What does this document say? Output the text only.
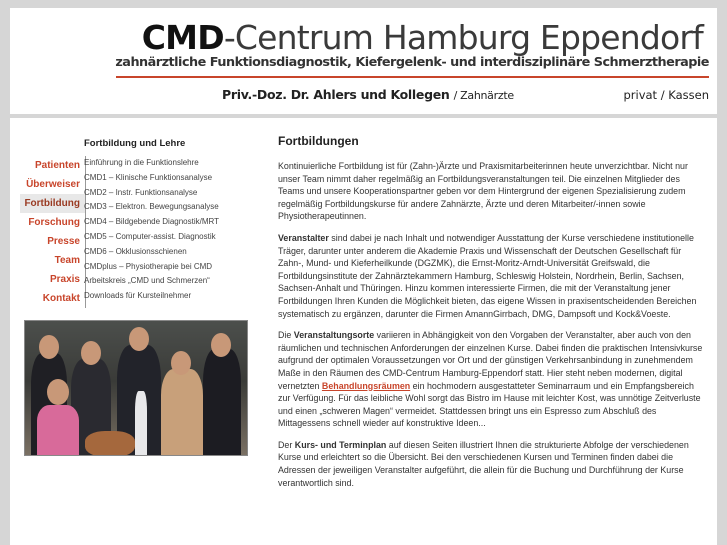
CMD-Centrum Hamburg Eppendorf
zahnärztliche Funktionsdiagnostik, Kiefergelenk- und interdisziplinäre Schmerztherapie
Priv.-Doz. Dr. Ahlers und Kollegen / Zahnärzte	privat / Kassen
Patienten
Überweiser
Fortbildung
Forschung
Presse
Team
Praxis
Kontakt
Fortbildung und Lehre
Einführung in die Funktionslehre
CMD1 – Klinische Funktionsanalyse
CMD2 – Instr. Funktionsanalyse
CMD3 – Elektron. Bewegungsanalyse
CMD4 – Bildgebende Diagnostik/MRT
CMD5 – Computer-assist. Diagnostik
CMD6 – Okklusionsschienen
CMDplus – Physiotherapie bei CMD
Arbeitskreis „CMD und Schmerzen“
Downloads für Kursteilnehmer
Fortbildungen

Kontinuierliche Fortbildung ist für (Zahn-)Ärzte und Praxismitarbeiterinnen heute unverzichtbar. Nicht nur unser Team nimmt daher regelmäßig an Fortbildungsveranstaltungen teil. Die einzelnen Mitglieder des Teams und unsere Kooperationspartner geben vor dem Hintergrund der eigenen Spezialisierung zudem regelmäßig Fortbildungskurse für andere Zahnärzte, Ärzte und deren Mitarbeiter/-innen sowie Physiotherapeutinnen.

Veranstalter sind dabei je nach Inhalt und notwendiger Ausstattung der Kurse verschiedene institutionelle Träger, darunter unter anderem die Akademie Praxis und Wissenschaft der Deutschen Gesellschaft für Zahn-, Mund- und Kieferheilkunde (DGZMK), die Ernst-Moritz-Arndt-Universität Greifswald, die Fortbildungsinstitute der Zahnärztekammern Hamburg, Schleswig Holstein, Nordrhein, Berlin, Sachsen, Sachsen-Anhalt und Thüringen. Hinzu kommen interessierte Firmen, die mit der Veranstaltung jener Fortbildungen Ihren Kunden die Möglichkeit bieten, das eigene Wissen in praxisentscheidenden Bereichen systematisch zu ergänzen, darunter die Firmen AmannGirrbach, DMG, Dampsoft und Kock&Voeste.

Die Veranstaltungsorte variieren in Abhängigkeit von den Vorgaben der Veranstalter, aber auch von den räumlichen und technischen Anforderungen der einzelnen Kurse. Dabei finden die praktischen Intensivkurse aufgrund der optimalen Voraussetzungen vor Ort und der günstigen Verkehrsanbindung in zunehmendem Maße in den Räumen des CMD-Centrum Hamburg-Eppendorf statt. Hier steht neben modernen, digital vernetzten Behandlungsräumen ein hochmodern ausgestatteter Seminarraum und ein Empfangsbereich zur Verfügung. Für das leibliche Wohl sorgt das Bistro im Hause mit leichter Kost, was unnötige Zeitverluste und einen „schweren Magen“ vermeidet. Stattdessen bringt uns ein Espresso zum Abschluß des Mittagessens schnell wieder auf konstruktive Ideen...

Der Kurs- und Terminplan auf diesen Seiten illustriert Ihnen die strukturierte Abfolge der verschiedenen Kurse und erleichtert so die Übersicht. Bei den verschiedenen Kursen und Terminen finden dabei die Adressen der jeweiligen Veranstalter aufgeführt, die allein für die Buchung und Durchführung der Kurse verantwortlich sind.
